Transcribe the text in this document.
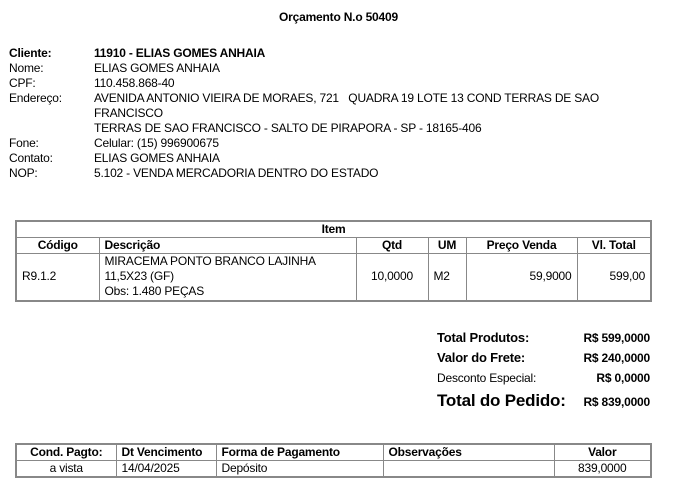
Orçamento N.o 50409
Cliente:	11910 - ELIAS GOMES ANHAIA
Nome:	ELIAS GOMES ANHAIA
CPF:	110.458.868-40
Endereço:	AVENIDA ANTONIO VIEIRA DE MORAES, 721   QUADRA 19 LOTE 13 COND TERRAS DE SAO FRANCISCO
TERRAS DE SAO FRANCISCO - SALTO DE PIRAPORA - SP - 18165-406
Fone:	Celular: (15) 996900675
Contato:	ELIAS GOMES ANHAIA
NOP:	5.102 - VENDA MERCADORIA DENTRO DO ESTADO
Item					
Código	Descrição	Qtd	UM	Preço Venda	Vl. Total
R9.1.2	MIRACEMA PONTO BRANCO LAJINHA
11,5X23 (GF)
Obs: 1.480 PEÇAS	10,0000	M2	59,9000	599,00
Total Produtos:	R$ 599,0000
Valor do Frete:	R$ 240,0000
Desconto Especial:	R$ 0,0000
Total do Pedido: R$ 839,0000
Cond. Pagto:	Dt Vencimento	Forma de Pagamento	Observações	Valor
a vista	14/04/2025	Depósito		839,0000
